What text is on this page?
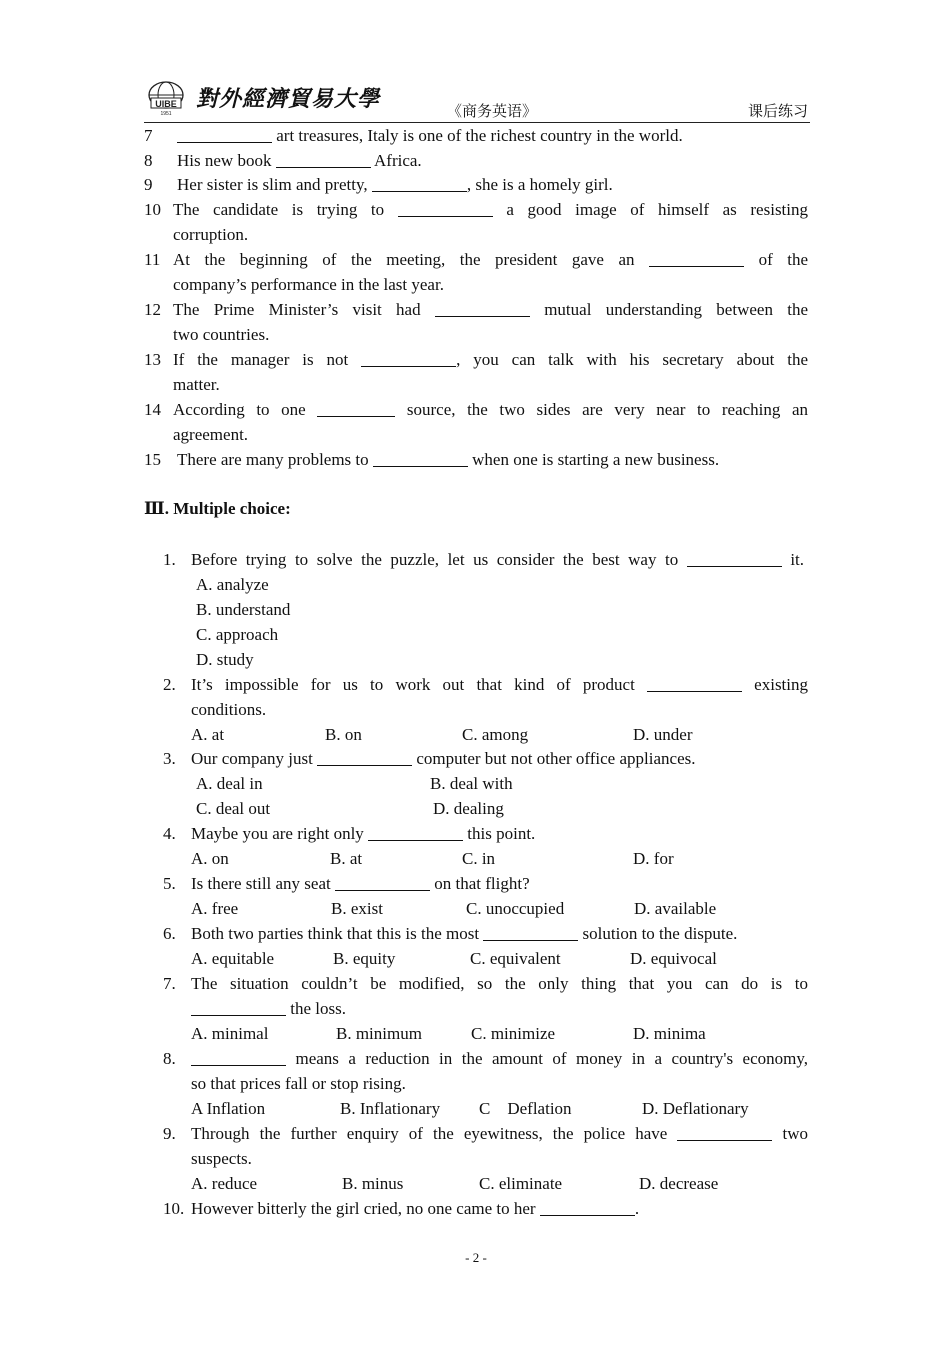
UIBE
1951
對外經濟貿易大學	《商务英语》	课后练习
7	art treasures, Italy is one of the richest country in the world.
8 His new book	Africa.
9 Her sister is slim and pretty,	, she is a homely girl.
10 The candidate is trying to	a good image of himself as resisting
corruption.
11 At the beginning of the meeting, the president gave an	of the
company’s performance in the last year.
12 The Prime Minister’s visit had	mutual understanding between the
two countries.
13 If the manager is not	, you can talk with his secretary about the
matter.
14 According to one	source, the two sides are very near to reaching an
agreement.
15 There are many problems to	when one is starting a new business.
Ⅲ. Multiple choice:
1. Before trying to solve the puzzle, let us consider the best way to	it.
A. analyze
B. understand
C. approach
D. study
2. It’s impossible for us to work out that kind of product	existing
conditions.
A. at	B. on	C. among	D. under
3. Our company just	computer but not other office appliances.
A. deal in	B. deal with
C. deal out	D. dealing
4. Maybe you are right only	this point.
A. on	B. at	C. in	D. for
5. Is there still any seat	on that flight?
A. free	B. exist	C. unoccupied	D. available
6. Both two parties think that this is the most	solution to the dispute.
A. equitable	B. equity	C. equivalent	D. equivocal
7. The situation couldn’t be modified, so the only thing that you can do is to
the loss.
A. minimal	B. minimum	C. minimize	D. minima
8.	means a reduction in the amount of money in a country's economy,
so that prices fall or stop rising.
A Inflation	B. Inflationary C    Deflation	D. Deflationary
9. Through the further enquiry of the eyewitness, the police have	two
suspects.
A. reduce	B. minus	C. eliminate	D. decrease
10. However bitterly the girl cried, no one came to her	.
- 2 -
